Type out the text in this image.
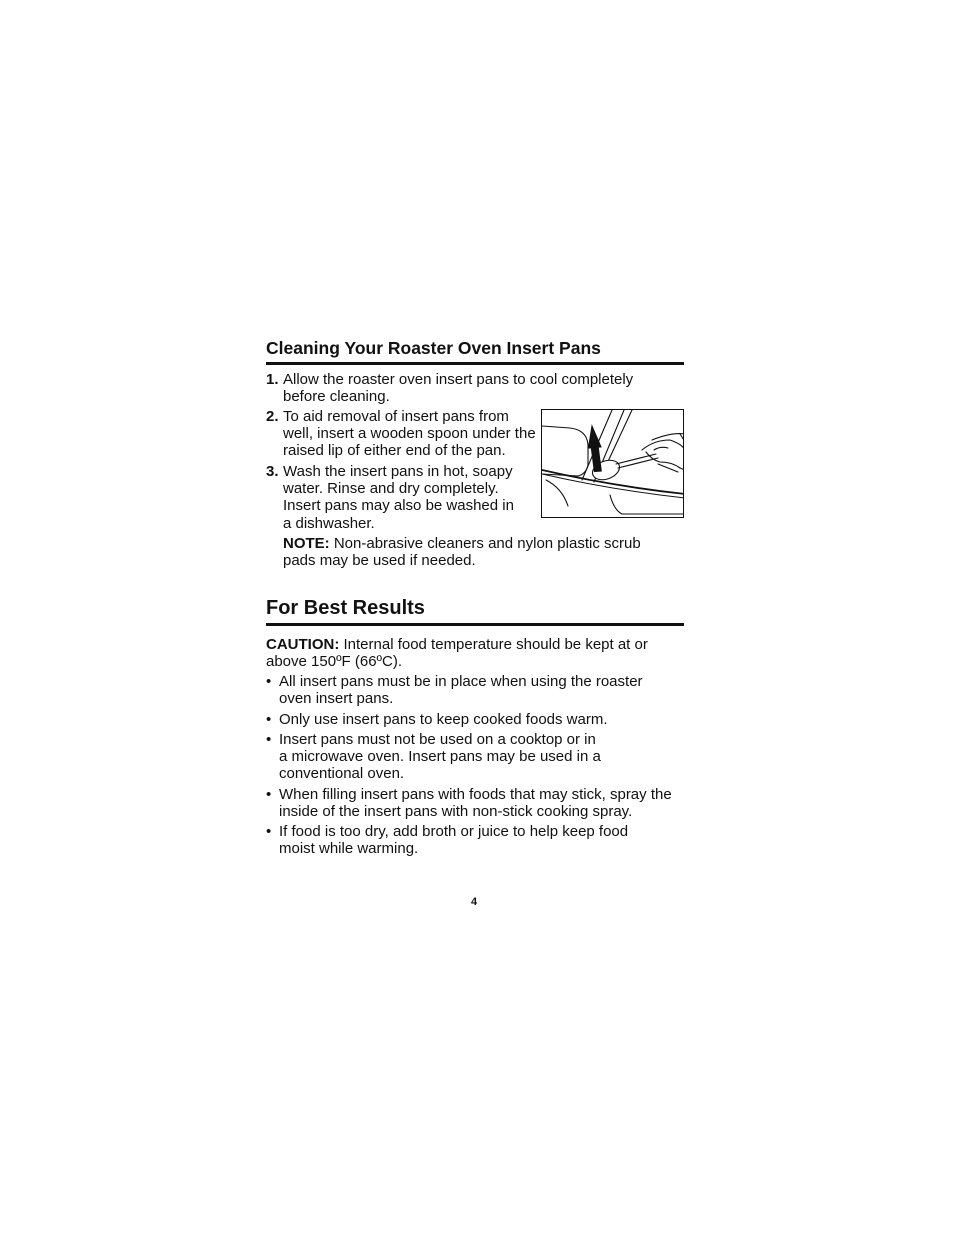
Cleaning Your Roaster Oven Insert Pans
1. Allow the roaster oven insert pans to cool completely before cleaning.
2. To aid removal of insert pans from well, insert a wooden spoon under the raised lip of either end of the pan.
3. Wash the insert pans in hot, soapy water. Rinse and dry completely. Insert pans may also be washed in a dishwasher.
NOTE: Non-abrasive cleaners and nylon plastic scrub pads may be used if needed.
For Best Results
CAUTION: Internal food temperature should be kept at or above 150ºF (66ºC).
• All insert pans must be in place when using the roaster oven insert pans.
• Only use insert pans to keep cooked foods warm.
• Insert pans must not be used on a cooktop or in
a microwave oven. Insert pans may be used in a conventional oven.
• When filling insert pans with foods that may stick, spray the inside of the insert pans with non-stick cooking spray.
• If food is too dry, add broth or juice to help keep food moist while warming.
4
